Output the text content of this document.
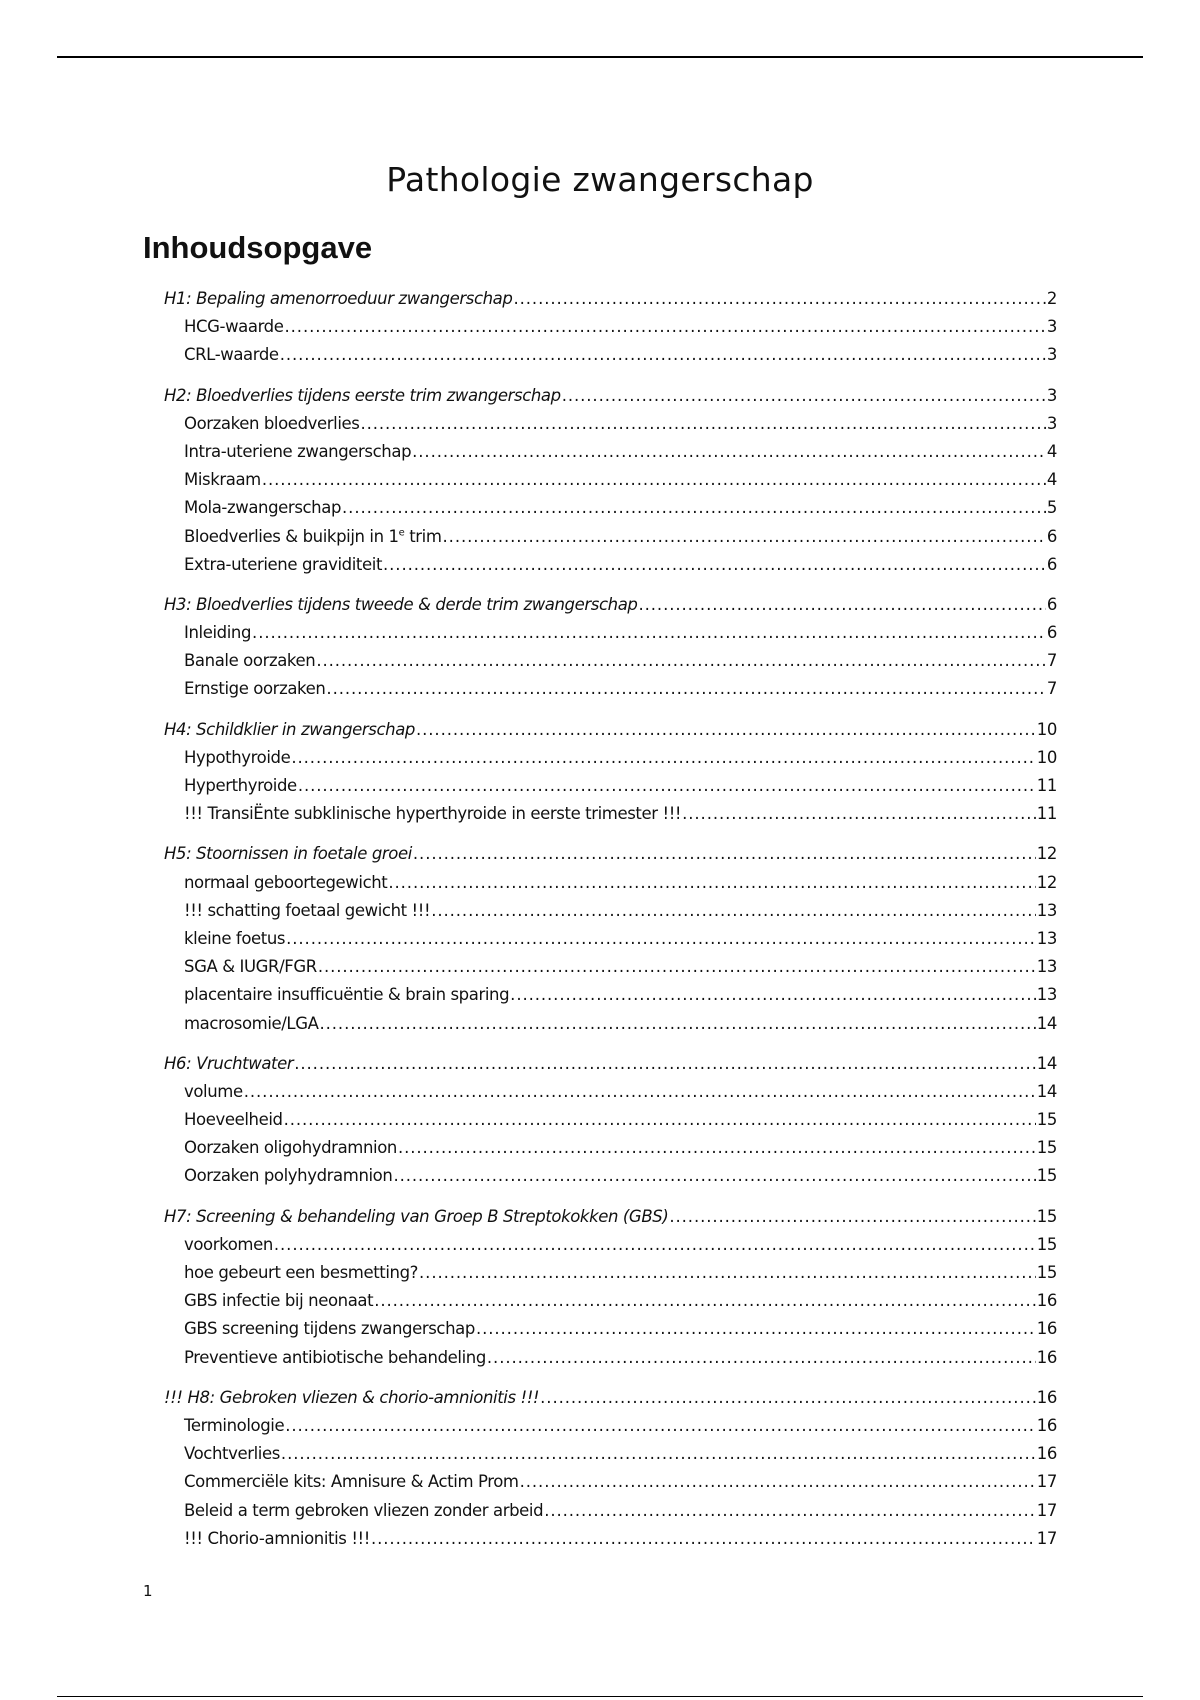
Pathologie zwangerschap
Inhoudsopgave
H1: Bepaling amenorroeduur zwangerschap .....	2
HCG-waarde .....	3
CRL-waarde .....	3
H2: Bloedverlies tijdens eerste trim zwangerschap .....	3
Oorzaken bloedverlies .....	3
Intra-uteriene zwangerschap .....	4
Miskraam .....	4
Mola-zwangerschap .....	5
Bloedverlies & buikpijn in 1e trim .....	6
Extra-uteriene graviditeit .....	6
H3: Bloedverlies tijdens tweede & derde trim zwangerschap .....	6
Inleiding .....	6
Banale oorzaken .....	7
Ernstige oorzaken .....	7
H4: Schildklier in zwangerschap .....	10
Hypothyroide .....	10
Hyperthyroide .....	11
!!! TransiËnte subklinische hyperthyroide in eerste trimester !!! .....	11
H5: Stoornissen in foetale groei .....	12
normaal geboortegewicht .....	12
!!! schatting foetaal gewicht !!! .....	13
kleine foetus .....	13
SGA & IUGR/FGR .....	13
placentaire insufficuëntie & brain sparing .....	13
macrosomie/LGA .....	14
H6: Vruchtwater .....	14
volume .....	14
Hoeveelheid .....	15
Oorzaken oligohydramnion .....	15
Oorzaken polyhydramnion .....	15
H7: Screening & behandeling van Groep B Streptokokken (GBS) .....	15
voorkomen .....	15
hoe gebeurt een besmetting? .....	15
GBS infectie bij neonaat .....	16
GBS screening tijdens zwangerschap .....	16
Preventieve antibiotische behandeling .....	16
!!! H8: Gebroken vliezen & chorio-amnionitis !!! .....	16
Terminologie .....	16
Vochtverlies .....	16
Commerciële kits: Amnisure & Actim Prom .....	17
Beleid a term gebroken vliezen zonder arbeid .....	17
!!! Chorio-amnionitis !!! .....	17
1
